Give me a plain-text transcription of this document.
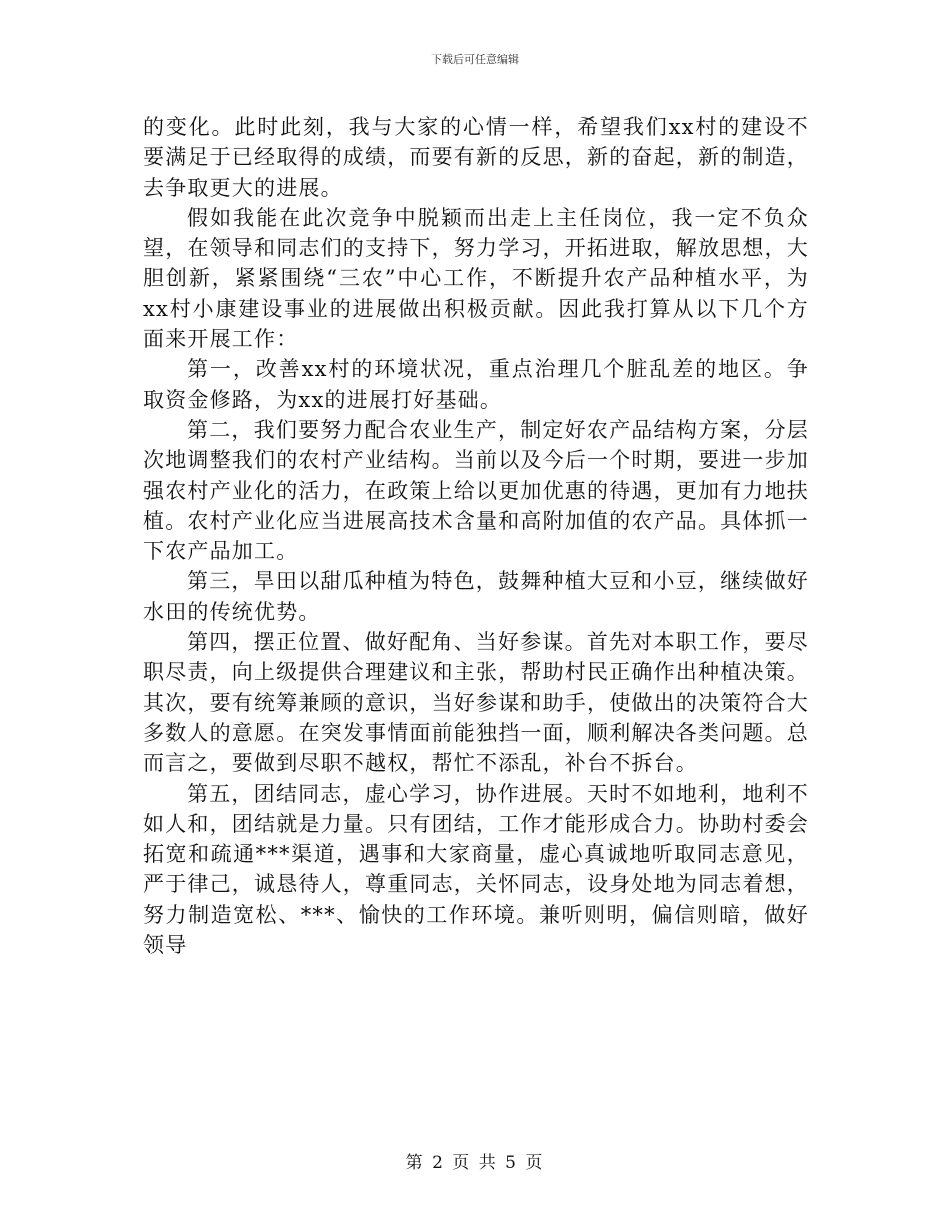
下载后可任意编辑

的变化。此时此刻，我与大家的心情一样，希望我们xx村的建设不要满足于已经取得的成绩，而要有新的反思，新的奋起，新的制造，去争取更大的进展。

假如我能在此次竞争中脱颖而出走上主任岗位，我一定不负众望，在领导和同志们的支持下，努力学习，开拓进取，解放思想，大胆创新，紧紧围绕“三农”中心工作，不断提升农产品种植水平，为xx村小康建设事业的进展做出积极贡献。因此我打算从以下几个方面来开展工作：

第一，改善xx村的环境状况，重点治理几个脏乱差的地区。争取资金修路，为xx的进展打好基础。

第二，我们要努力配合农业生产，制定好农产品结构方案，分层次地调整我们的农村产业结构。当前以及今后一个时期，要进一步加强农村产业化的活力，在政策上给以更加优惠的待遇，更加有力地扶植。农村产业化应当进展高技术含量和高附加值的农产品。具体抓一下农产品加工。

第三，旱田以甜瓜种植为特色，鼓舞种植大豆和小豆，继续做好水田的传统优势。

第四，摆正位置、做好配角、当好参谋。首先对本职工作，要尽职尽责，向上级提供合理建议和主张，帮助村民正确作出种植决策。其次，要有统筹兼顾的意识，当好参谋和助手，使做出的决策符合大多数人的意愿。在突发事情面前能独挡一面，顺利解决各类问题。总而言之，要做到尽职不越权，帮忙不添乱，补台不拆台。

第五，团结同志，虚心学习，协作进展。天时不如地利，地利不如人和，团结就是力量。只有团结，工作才能形成合力。协助村委会拓宽和疏通***渠道，遇事和大家商量，虚心真诚地听取同志意见，严于律己，诚恳待人，尊重同志，关怀同志，设身处地为同志着想，努力制造宽松、***、愉快的工作环境。兼听则明，偏信则暗，做好领导

第 2 页 共 5 页
